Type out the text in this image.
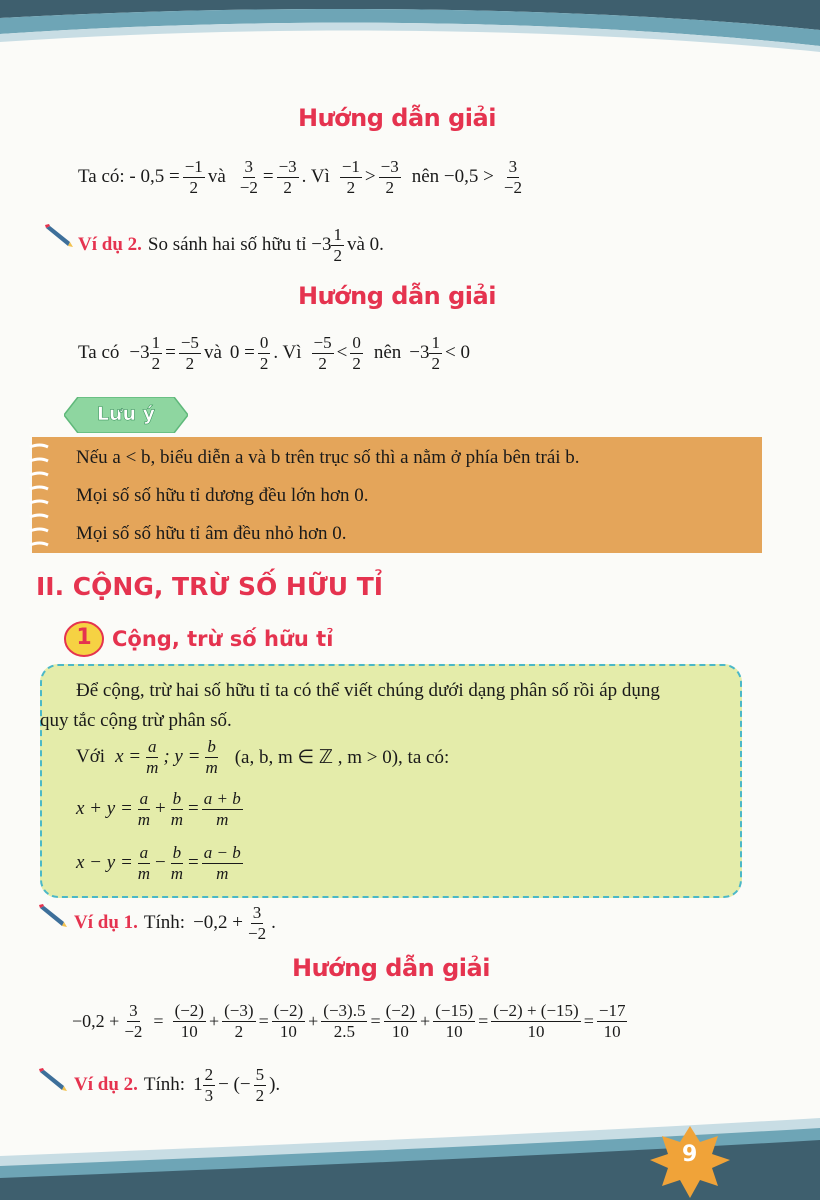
Hướng dẫn giải
Ta có: - $0,5 = \frac{-1}{2}$ và $\frac{3}{-2} = \frac{-3}{2}$ . Vì $\frac{-1}{2} > \frac{-3}{2}$ nên $-0,5 > \frac{3}{-2}$
Ví dụ 2. So sánh hai số hữu tỉ $-3 \frac{1}{2}$ và 0.
Hướng dẫn giải
Ta có $-3 \frac{1}{2} = \frac{-5}{2}$ và $0 = \frac{0}{2}$ . Vì $\frac{-5}{2} < \frac{0}{2}$ nên $-3 \frac{1}{2} < 0$
Lưu ý
Nếu a < b, biểu diễn a và b trên trục số thì a nằm ở phía bên trái b.
Mọi số số hữu tỉ dương đều lớn hơn 0.
Mọi số số hữu tỉ âm đều nhỏ hơn 0.
II. CỘNG, TRỪ SỐ HỮU TỈ
1 Cộng, trừ số hữu tỉ
Để cộng, trừ hai số hữu tỉ ta có thể viết chúng dưới dạng phân số rồi áp dụng
quy tắc cộng trừ phân số.
Với $x = \frac{a}{m}$ ; $y = \frac{b}{m} (a$, b, m ∈ ℤ , m > 0), ta có:
$x + y = \frac{a}{m} + \frac{b}{m} = \frac{a + b}{m}$
$x - y = \frac{a}{m} - \frac{b}{m} = \frac{a - b}{m}$
Ví dụ 1. Tính: $-0,2 + \frac{3}{-2}$ .
Hướng dẫn giải
$-0,2 + \frac{3}{-2} = \frac{(-2)}{10} + \frac{(-3)}{2} = \frac{(-2)}{10} + \frac{(-3).5}{2.5} = \frac{(-2)}{10} + \frac{(-15)}{10} = \frac{(-2) + (-15)}{10} = \frac{-17}{10}$
Ví dụ 2. Tính: $1 \frac{2}{3}$ − (− $\frac{5}{2}$ ).
9
